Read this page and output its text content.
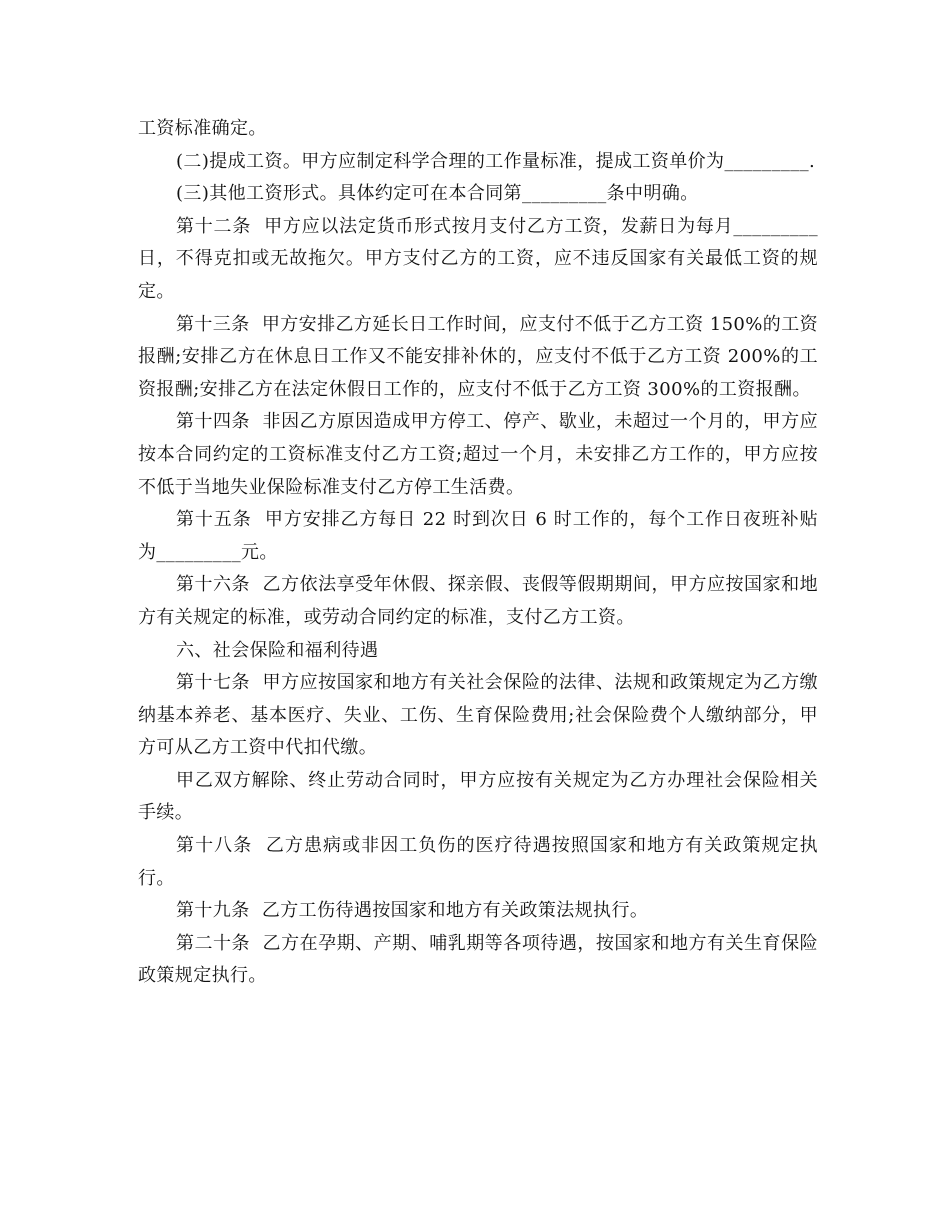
工资标准确定。

(二)提成工资。甲方应制定科学合理的工作量标准，提成工资单价为_________.

(三)其他工资形式。具体约定可在本合同第_________条中明确。

第十二条  甲方应以法定货币形式按月支付乙方工资，发薪日为每月_________日，不得克扣或无故拖欠。甲方支付乙方的工资，应不违反国家有关最低工资的规定。

第十三条  甲方安排乙方延长日工作时间，应支付不低于乙方工资 150%的工资报酬;安排乙方在休息日工作又不能安排补休的，应支付不低于乙方工资 200%的工资报酬;安排乙方在法定休假日工作的，应支付不低于乙方工资 300%的工资报酬。

第十四条  非因乙方原因造成甲方停工、停产、歇业，未超过一个月的，甲方应按本合同约定的工资标准支付乙方工资;超过一个月，未安排乙方工作的，甲方应按不低于当地失业保险标准支付乙方停工生活费。

第十五条  甲方安排乙方每日 22 时到次日 6 时工作的，每个工作日夜班补贴为_________元。

第十六条  乙方依法享受年休假、探亲假、丧假等假期期间，甲方应按国家和地方有关规定的标准，或劳动合同约定的标准，支付乙方工资。

六、社会保险和福利待遇

第十七条  甲方应按国家和地方有关社会保险的法律、法规和政策规定为乙方缴纳基本养老、基本医疗、失业、工伤、生育保险费用;社会保险费个人缴纳部分，甲方可从乙方工资中代扣代缴。

甲乙双方解除、终止劳动合同时，甲方应按有关规定为乙方办理社会保险相关手续。

第十八条  乙方患病或非因工负伤的医疗待遇按照国家和地方有关政策规定执行。

第十九条  乙方工伤待遇按国家和地方有关政策法规执行。

第二十条  乙方在孕期、产期、哺乳期等各项待遇，按国家和地方有关生育保险政策规定执行。
